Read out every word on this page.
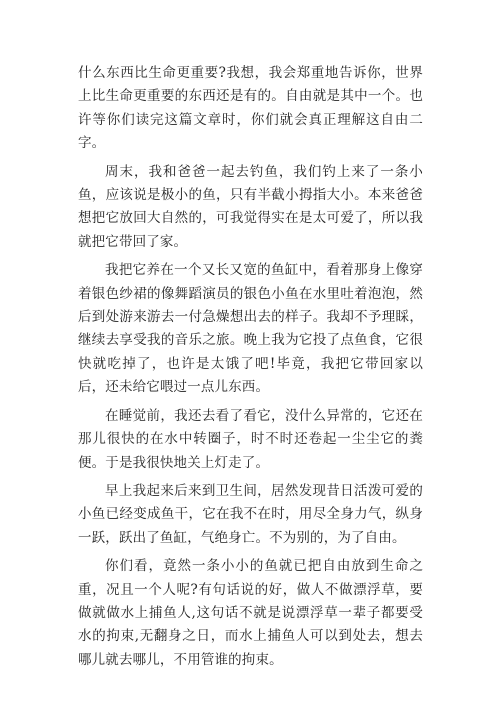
什么东西比生命更重要?我想，我会郑重地告诉你，世界上比生命更重要的东西还是有的。自由就是其中一个。也许等你们读完这篇文章时，你们就会真正理解这自由二字。

周末，我和爸爸一起去钓鱼，我们钓上来了一条小鱼，应该说是极小的鱼，只有半截小拇指大小。本来爸爸想把它放回大自然的，可我觉得实在是太可爱了，所以我就把它带回了家。

我把它养在一个又长又宽的鱼缸中，看着那身上像穿着银色纱裙的像舞蹈演员的银色小鱼在水里吐着泡泡，然后到处游来游去一付急燥想出去的样子。我却不予理睬，继续去享受我的音乐之旅。晚上我为它投了点鱼食，它很快就吃掉了，也许是太饿了吧!毕竟，我把它带回家以后，还未给它喂过一点儿东西。

在睡觉前，我还去看了看它，没什么异常的，它还在那儿很快的在水中转圈子，时不时还卷起一尘尘它的粪便。于是我很快地关上灯走了。

早上我起来后来到卫生间，居然发现昔日活泼可爱的小鱼已经变成鱼干，它在我不在时，用尽全身力气，纵身一跃，跃出了鱼缸，气绝身亡。不为别的，为了自由。

你们看，竟然一条小小的鱼就已把自由放到生命之重，况且一个人呢?有句话说的好，做人不做漂浮草，要做就做水上捕鱼人,这句话不就是说漂浮草一辈子都要受水的拘束,无翻身之日，而水上捕鱼人可以到处去，想去哪儿就去哪儿，不用管谁的拘束。
